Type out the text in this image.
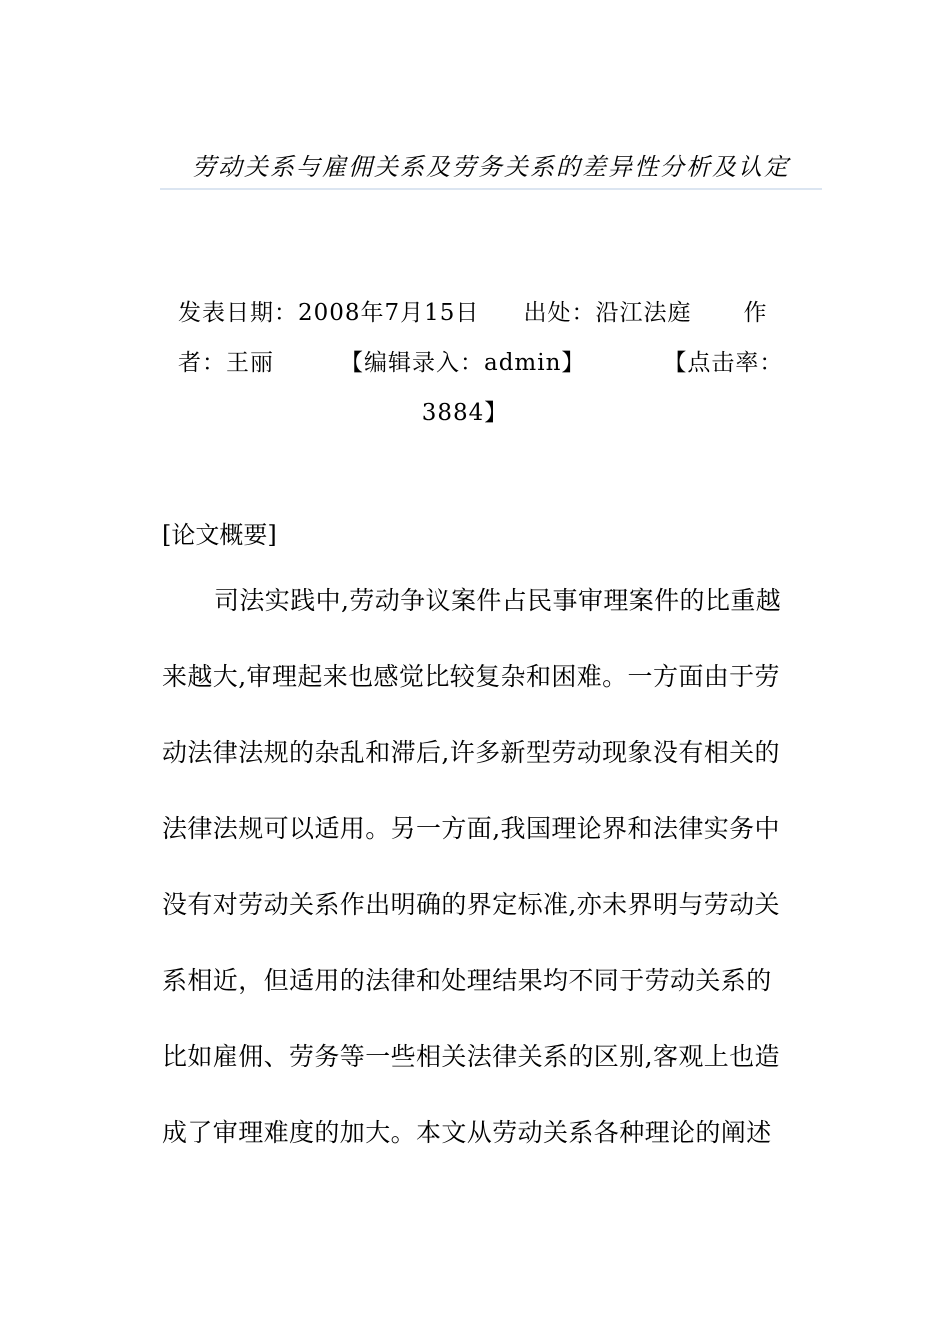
劳动关系与雇佣关系及劳务关系的差异性分析及认定
发表日期：2008年7月15日 出处：沿江法庭 作
者：王丽	【编辑录入：admin】	【点击率：
3884】
[论文概要]
司法实践中,劳动争议案件占民事审理案件的比重越
来越大,审理起来也感觉比较复杂和困难。一方面由于劳
动法律法规的杂乱和滞后,许多新型劳动现象没有相关的
法律法规可以适用。另一方面,我国理论界和法律实务中
没有对劳动关系作出明确的界定标准,亦未界明与劳动关
系相近，但适用的法律和处理结果均不同于劳动关系的
比如雇佣、劳务等一些相关法律关系的区别,客观上也造
成了审理难度的加大。本文从劳动关系各种理论的阐述
